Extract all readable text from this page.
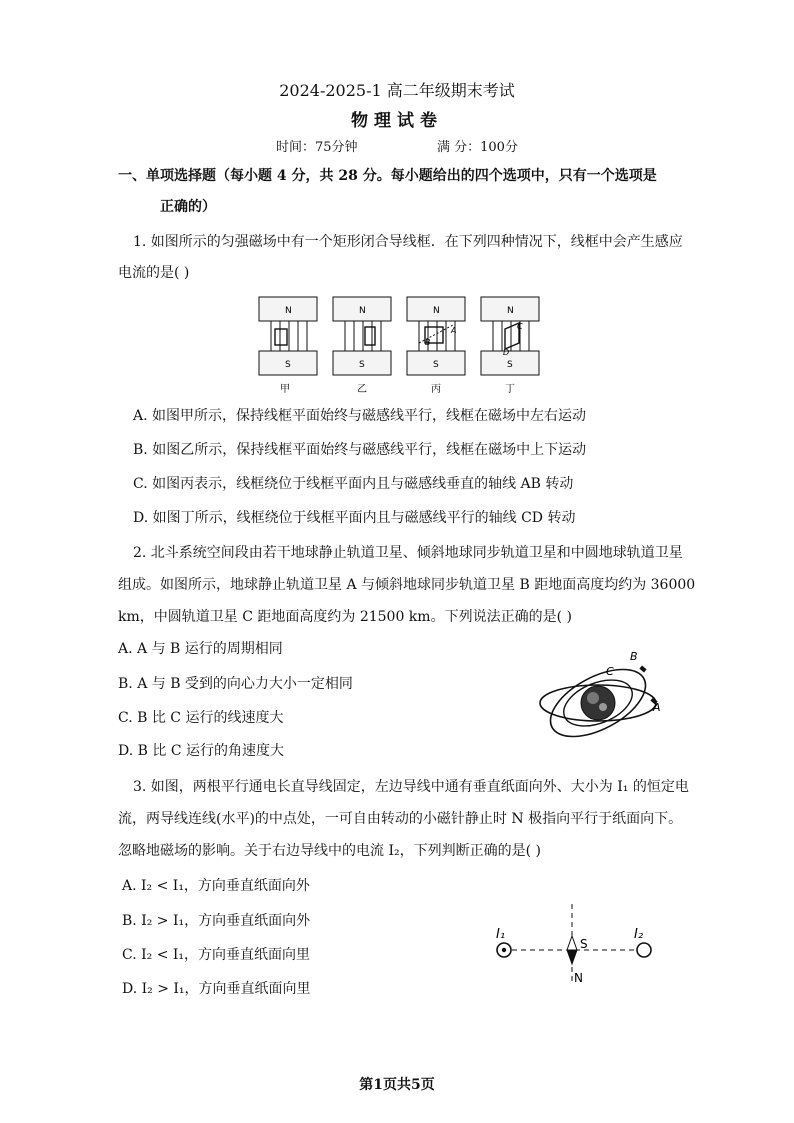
2024-2025-1 高二年级期末考试
物理试卷
时间：75分钟	满 分：100分
一、单项选择题（每小题 4 分，共 28 分。每小题给出的四个选项中，只有一个选项是
正确的）
1. 如图所示的匀强磁场中有一个矩形闭合导线框．在下列四种情况下，线框中会产生感应
电流的是( )
N
S
N
S
N
S
A
B
N
S
C
D
甲	乙	丙	丁
A. 如图甲所示，保持线框平面始终与磁感线平行，线框在磁场中左右运动
B. 如图乙所示，保持线框平面始终与磁感线平行，线框在磁场中上下运动
C. 如图丙表示，线框绕位于线框平面内且与磁感线垂直的轴线 AB 转动
D. 如图丁所示，线框绕位于线框平面内且与磁感线平行的轴线 CD 转动
2. 北斗系统空间段由若干地球静止轨道卫星、倾斜地球同步轨道卫星和中圆地球轨道卫星
组成。如图所示，地球静止轨道卫星 A 与倾斜地球同步轨道卫星 B 距地面高度均约为 36000
km，中圆轨道卫星 C 距地面高度约为 21500 km。下列说法正确的是( )
A. A 与 B 运行的周期相同
B. A 与 B 受到的向心力大小一定相同
C. B 比 C 运行的线速度大
D. B 比 C 运行的角速度大
A
B
C
3. 如图，两根平行通电长直导线固定，左边导线中通有垂直纸面向外、大小为 I₁ 的恒定电
流，两导线连线(水平)的中点处，一可自由转动的小磁针静止时 N 极指向平行于纸面向下。
忽略地磁场的影响。关于右边导线中的电流 I₂，下列判断正确的是( )
A. I₂ < I₁，方向垂直纸面向外
B. I₂ > I₁，方向垂直纸面向外
C. I₂ < I₁，方向垂直纸面向里
D. I₂ > I₁，方向垂直纸面向里
I₁	I₂
S
N
第1页共5页
